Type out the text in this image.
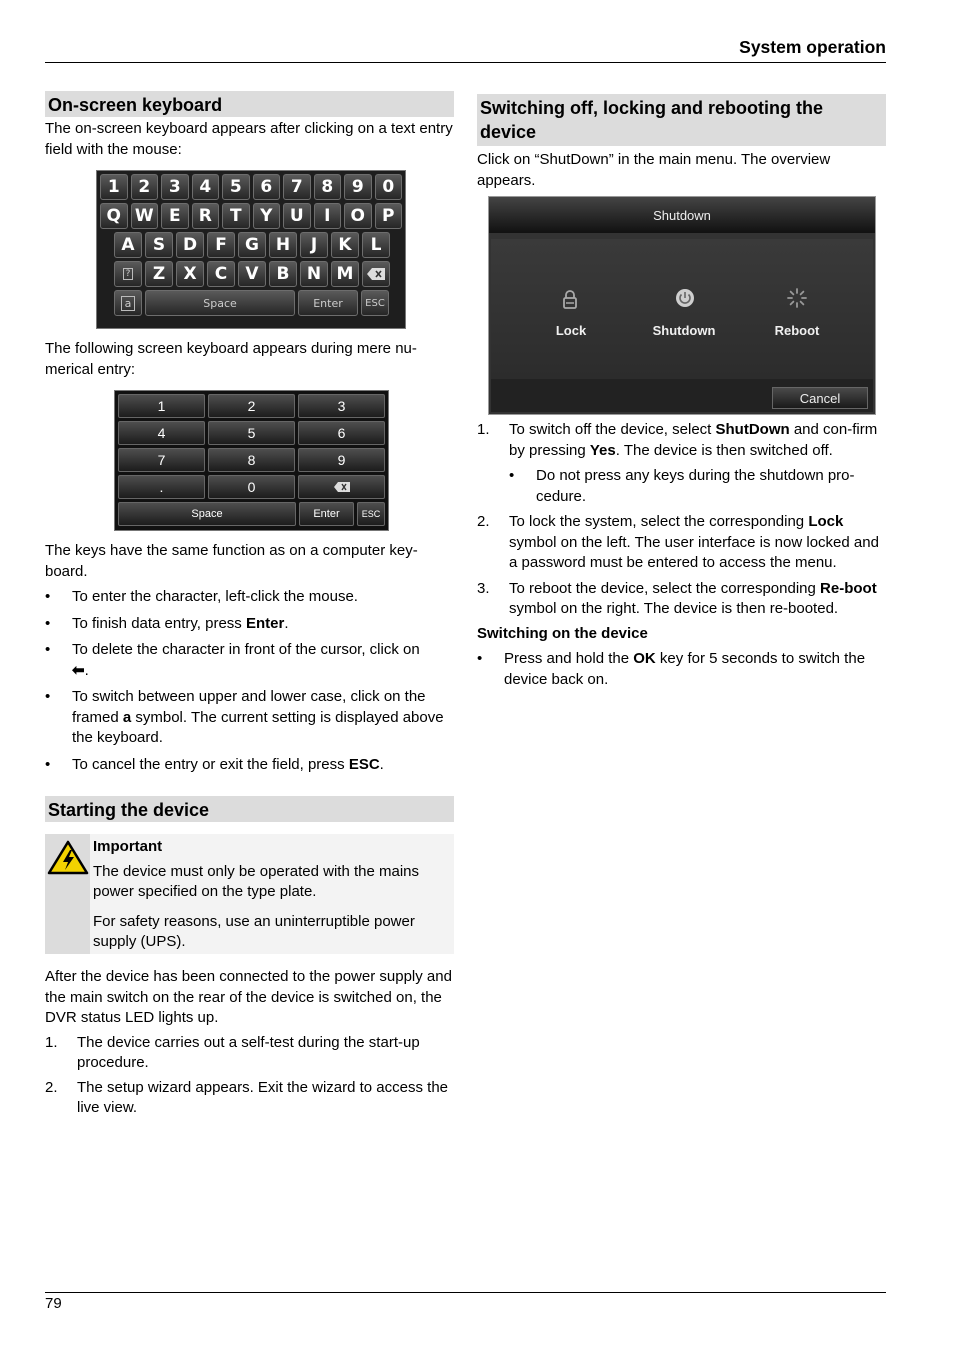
System operation
On-screen keyboard

The on-screen keyboard appears after clicking on a text entry field with the mouse:

1	2	3	4	5	6	7	8	9	0
Q W E	R	T	Y	U	I	O	P
A	S	D	F	G H	J	K	L
?	Z	X	C	V	B	N M
a	Space	Enter	ESC

The following screen keyboard appears during mere nu-merical entry:

1	2	3
4	5	6
7	8	9
.	0
Space	Enter	ESC

The keys have the same function as on a computer key-board.

• To enter the character, left-click the mouse.
• To finish data entry, press Enter.
• To delete the character in front of the cursor, click on
⬅.
• To switch between upper and lower case, click on the framed a symbol. The current setting is displayed above the keyboard.
• To cancel the entry or exit the field, press ESC.
Starting the device

Important

The device must only be operated with the mains power specified on the type plate.

For safety reasons, use an uninterruptible power supply (UPS).

After the device has been connected to the power supply and the main switch on the rear of the device is switched on, the DVR status LED lights up.

1. The device carries out a self-test during the start-up procedure.
2. The setup wizard appears. Exit the wizard to access the live view.
Switching off, locking and rebooting the device

Click on “ShutDown” in the main menu. The overview appears.

Shutdown
Lock	Shutdown	Reboot
Cancel
1. To switch off the device, select ShutDown and con-firm by pressing Yes. The device is then switched off.
• Do not press any keys during the shutdown pro-cedure.
2. To lock the system, select the corresponding Lock symbol on the left. The user interface is now locked and a password must be entered to access the menu.
3. To reboot the device, select the corresponding Re-boot symbol on the right. The device is then re-booted.

Switching on the device

• Press and hold the OK key for 5 seconds to switch the device back on.
79
